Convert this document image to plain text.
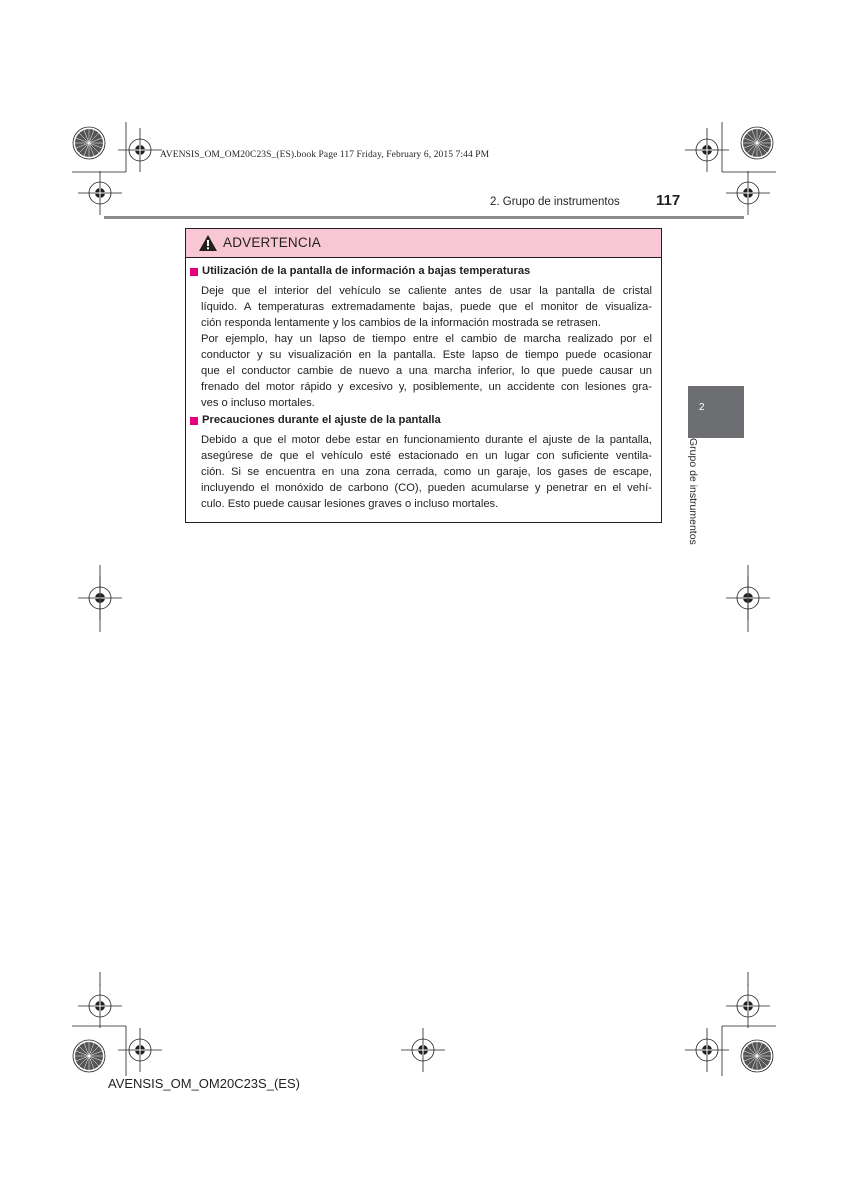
AVENSIS_OM_OM20C23S_(ES).book Page 117 Friday, February 6, 2015 7:44 PM
2. Grupo de instrumentos 117
2
Grupo de instrumentos
ADVERTENCIA
Utilización de la pantalla de información a bajas temperaturas
Deje que el interior del vehículo se caliente antes de usar la pantalla de cristal
líquido. A temperaturas extremadamente bajas, puede que el monitor de visualiza-
ción responda lentamente y los cambios de la información mostrada se retrasen.
Por ejemplo, hay un lapso de tiempo entre el cambio de marcha realizado por el
conductor y su visualización en la pantalla. Este lapso de tiempo puede ocasionar
que el conductor cambie de nuevo a una marcha inferior, lo que puede causar un
frenado del motor rápido y excesivo y, posiblemente, un accidente con lesiones gra-
ves o incluso mortales.
Precauciones durante el ajuste de la pantalla
Debido a que el motor debe estar en funcionamiento durante el ajuste de la pantalla,
asegúrese de que el vehículo esté estacionado en un lugar con suficiente ventila-
ción. Si se encuentra en una zona cerrada, como un garaje, los gases de escape,
incluyendo el monóxido de carbono (CO), pueden acumularse y penetrar en el vehí-
culo. Esto puede causar lesiones graves o incluso mortales.
AVENSIS_OM_OM20C23S_(ES)
